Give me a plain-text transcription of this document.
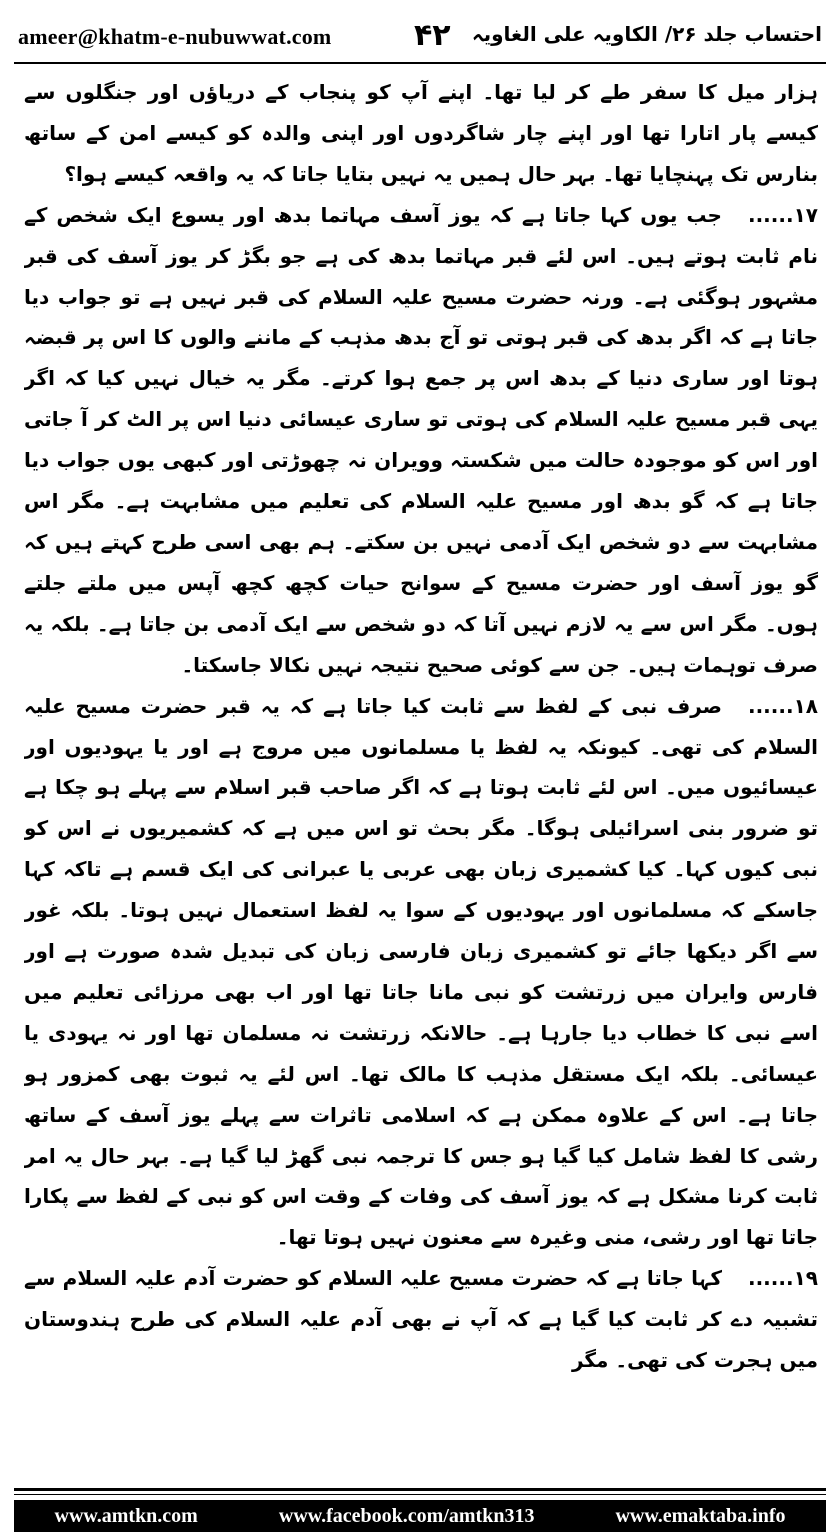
ameer@khatm-e-nubuwwat.com	۴۲ احتساب جلد ۲۶/ الکاویہ علی الغاویہ

ہزار میل کا سفر طے کر لیا تھا۔ اپنے آپ کو پنجاب کے دریاؤں اور جنگلوں سے کیسے پار اتارا تھا اور اپنے چار شاگردوں اور اپنی والدہ کو کیسے امن کے ساتھ بنارس تک پہنچایا تھا۔ بہر حال ہمیں یہ نہیں بتایا جاتا کہ یہ واقعہ کیسے ہوا؟

۱۷......جب یوں کہا جاتا ہے کہ یوز آسف مہاتما بدھ اور یسوع ایک شخص کے نام ثابت ہوتے ہیں۔ اس لئے قبر مہاتما بدھ کی ہے جو بگڑ کر یوز آسف کی قبر مشہور ہوگئی ہے۔ ورنہ حضرت مسیح علیہ السلام کی قبر نہیں ہے تو جواب دیا جاتا ہے کہ اگر بدھ کی قبر ہوتی تو آج بدھ مذہب کے ماننے والوں کا اس پر قبضہ ہوتا اور ساری دنیا کے بدھ اس پر جمع ہوا کرتے۔ مگر یہ خیال نہیں کیا کہ اگر یہی قبر مسیح علیہ السلام کی ہوتی تو ساری عیسائی دنیا اس پر الٹ کر آ جاتی اور اس کو موجودہ حالت میں شکستہ وویران نہ چھوڑتی اور کبھی یوں جواب دیا جاتا ہے کہ گو بدھ اور مسیح علیہ السلام کی تعلیم میں مشابہت ہے۔ مگر اس مشابہت سے دو شخص ایک آدمی نہیں بن سکتے۔ ہم بھی اسی طرح کہتے ہیں کہ گو یوز آسف اور حضرت مسیح کے سوانح حیات کچھ کچھ آپس میں ملتے جلتے ہوں۔ مگر اس سے یہ لازم نہیں آتا کہ دو شخص سے ایک آدمی بن جاتا ہے۔ بلکہ یہ صرف توہمات ہیں۔ جن سے کوئی صحیح نتیجہ نہیں نکالا جاسکتا۔

۱۸......صرف نبی کے لفظ سے ثابت کیا جاتا ہے کہ یہ قبر حضرت مسیح علیہ السلام کی تھی۔ کیونکہ یہ لفظ یا مسلمانوں میں مروج ہے اور یا یہودیوں اور عیسائیوں میں۔ اس لئے ثابت ہوتا ہے کہ اگر صاحب قبر اسلام سے پہلے ہو چکا ہے تو ضرور بنی اسرائیلی ہوگا۔ مگر بحث تو اس میں ہے کہ کشمیریوں نے اس کو نبی کیوں کہا۔ کیا کشمیری زبان بھی عربی یا عبرانی کی ایک قسم ہے تاکہ کہا جاسکے کہ مسلمانوں اور یہودیوں کے سوا یہ لفظ استعمال نہیں ہوتا۔ بلکہ غور سے اگر دیکھا جائے تو کشمیری زبان فارسی زبان کی تبدیل شدہ صورت ہے اور فارس وایران میں زرتشت کو نبی مانا جاتا تھا اور اب بھی مرزائی تعلیم میں اسے نبی کا خطاب دیا جارہا ہے۔ حالانکہ زرتشت نہ مسلمان تھا اور نہ یہودی یا عیسائی۔ بلکہ ایک مستقل مذہب کا مالک تھا۔ اس لئے یہ ثبوت بھی کمزور ہو جاتا ہے۔ اس کے علاوہ ممکن ہے کہ اسلامی تاثرات سے پہلے یوز آسف کے ساتھ رشی کا لفظ شامل کیا گیا ہو جس کا ترجمہ نبی گھڑ لیا گیا ہے۔ بہر حال یہ امر ثابت کرنا مشکل ہے کہ یوز آسف کی وفات کے وقت اس کو نبی کے لفظ سے پکارا جاتا تھا اور رشی، منی وغیرہ سے معنون نہیں ہوتا تھا۔

۱۹......کہا جاتا ہے کہ حضرت مسیح علیہ السلام کو حضرت آدم علیہ السلام سے تشبیہ دے کر ثابت کیا گیا ہے کہ آپ نے بھی آدم علیہ السلام کی طرح ہندوستان میں ہجرت کی تھی۔ مگر

www.amtkn.com	www.facebook.com/amtkn313	www.emaktaba.info
